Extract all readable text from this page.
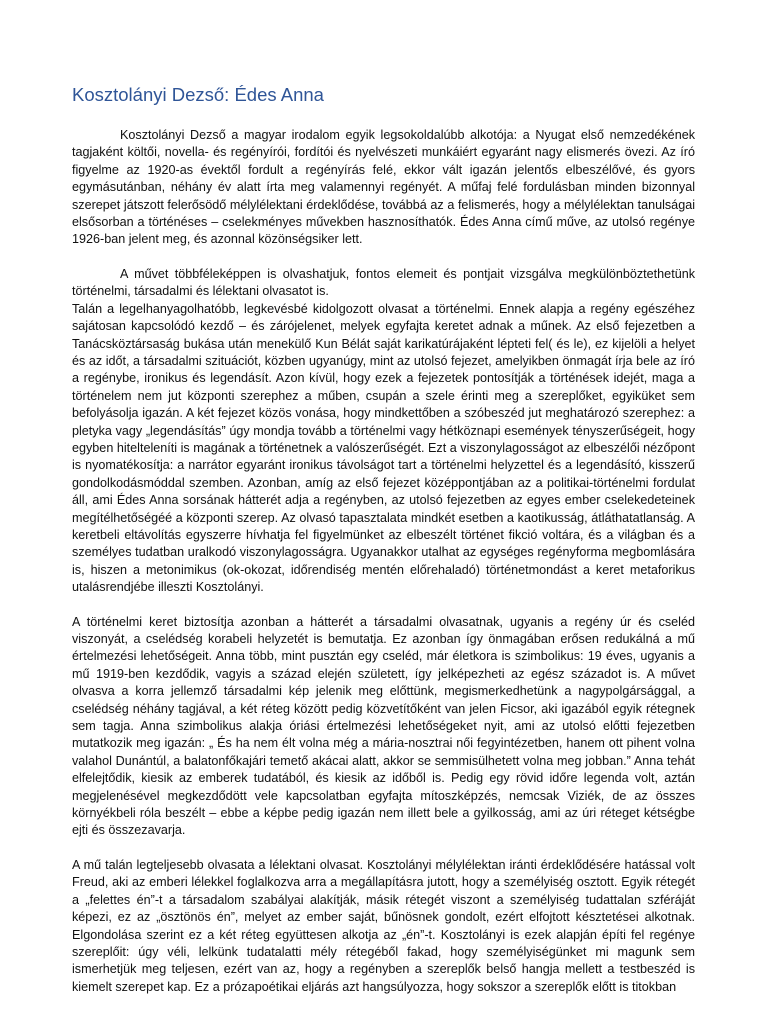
Kosztolányi Dezső: Édes Anna

Kosztolányi Dezső a magyar irodalom egyik legsokoldalúbb alkotója: a Nyugat első nemzedékének tagjaként költői, novella- és regényírói, fordítói és nyelvészeti munkáiért egyaránt nagy elismerés övezi. Az író figyelme az 1920-as évektől fordult a regényírás felé, ekkor vált igazán jelentős elbeszélővé, és gyors egymásutánban, néhány év alatt írta meg valamennyi regényét. A műfaj felé fordulásban minden bizonnyal szerepet játszott felerősödő mélylélektani érdeklődése, továbbá az a felismerés, hogy a mélylélektan tanulságai elsősorban a történéses – cselekményes művekben hasznosíthatók. Édes Anna című műve, az utolsó regénye 1926-ban jelent meg, és azonnal közönségsiker lett.

A művet többféleképpen is olvashatjuk, fontos elemeit és pontjait vizsgálva megkülönböztethetünk történelmi, társadalmi és lélektani olvasatot is.

Talán a legelhanyagolhatóbb, legkevésbé kidolgozott olvasat a történelmi. Ennek alapja a regény egészéhez sajátosan kapcsolódó kezdő – és zárójelenet, melyek egyfajta keretet adnak a műnek. Az első fejezetben a Tanácsköztársaság bukása után menekülő Kun Bélát saját karikatúrájaként lépteti fel( és le), ez kijelöli a helyet és az időt, a társadalmi szituációt, közben ugyanúgy, mint az utolsó fejezet, amelyikben önmagát írja bele az író a regénybe, ironikus és legendásít. Azon kívül, hogy ezek a fejezetek pontosítják a történések idejét, maga a történelem nem jut központi szerephez a műben, csupán a szele érinti meg a szereplőket, egyiküket sem befolyásolja igazán. A két fejezet közös vonása, hogy mindkettőben a szóbeszéd jut meghatározó szerephez: a pletyka vagy „legendásítás” úgy mondja tovább a történelmi vagy hétköznapi események tényszerűségeit, hogy egyben hitelteleníti is magának a történetnek a valószerűségét. Ezt a viszonylagosságot az elbeszélői nézőpont is nyomatékosítja: a narrátor egyaránt ironikus távolságot tart a történelmi helyzettel és a legendásító, kisszerű gondolkodásmóddal szemben. Azonban, amíg az első fejezet középpontjában az a politikai-történelmi fordulat áll, ami Édes Anna sorsának hátterét adja a regényben, az utolsó fejezetben az egyes ember cselekedeteinek megítélhetőségéé a központi szerep. Az olvasó tapasztalata mindkét esetben a kaotikusság, átláthatatlanság. A keretbeli eltávolítás egyszerre hívhatja fel figyelmünket az elbeszélt történet fikció voltára, és a világban és a személyes tudatban uralkodó viszonylagosságra. Ugyanakkor utalhat az egységes regényforma megbomlására is, hiszen a metonimikus (ok-okozat, időrendiség mentén előrehaladó) történetmondást a keret metaforikus utalásrendjébe illeszti Kosztolányi.

A történelmi keret biztosítja azonban a hátterét a társadalmi olvasatnak, ugyanis a regény úr és cseléd viszonyát, a cselédség korabeli helyzetét is bemutatja. Ez azonban így önmagában erősen redukálná a mű értelmezési lehetőségeit. Anna több, mint pusztán egy cseléd, már életkora is szimbolikus: 19 éves, ugyanis a mű 1919-ben kezdődik, vagyis a század elején született, így jelképezheti az egész századot is. A művet olvasva a korra jellemző társadalmi kép jelenik meg előttünk, megismerkedhetünk a nagypolgársággal, a cselédség néhány tagjával, a két réteg között pedig közvetítőként van jelen Ficsor, aki igazából egyik rétegnek sem tagja. Anna szimbolikus alakja óriási értelmezési lehetőségeket nyit, ami az utolsó előtti fejezetben mutatkozik meg igazán: „ És ha nem élt volna még a mária-nosztrai női fegyintézetben, hanem ott pihent volna valahol Dunántúl, a balatonfőkajári temető akácai alatt, akkor se semmisülhetett volna meg jobban.” Anna tehát elfelejtődik, kiesik az emberek tudatából, és kiesik az időből is. Pedig egy rövid időre legenda volt, aztán megjelenésével megkezdődött vele kapcsolatban egyfajta mítoszképzés, nemcsak Viziék, de az összes környékbeli róla beszélt – ebbe a képbe pedig igazán nem illett bele a gyilkosság, ami az úri réteget kétségbe ejti és összezavarja.

A mű talán legteljesebb olvasata a lélektani olvasat. Kosztolányi mélylélektan iránti érdeklődésére hatással volt Freud, aki az emberi lélekkel foglalkozva arra a megállapításra jutott, hogy a személyiség osztott. Egyik rétegét a „felettes én”-t a társadalom szabályai alakítják, másik rétegét viszont a személyiség tudattalan szféráját képezi, ez az „ösztönös én”, melyet az ember saját, bűnösnek gondolt, ezért elfojtott késztetései alkotnak. Elgondolása szerint ez a két réteg együttesen alkotja az „én”-t. Kosztolányi is ezek alapján építi fel regénye szereplőit: úgy véli, lelkünk tudatalatti mély rétegéből fakad, hogy személyiségünket mi magunk sem ismerhetjük meg teljesen, ezért van az, hogy a regényben a szereplők belső hangja mellett a testbeszéd is kiemelt szerepet kap. Ez a prózapoétikai eljárás azt hangsúlyozza, hogy sokszor a szereplők előtt is titokban
